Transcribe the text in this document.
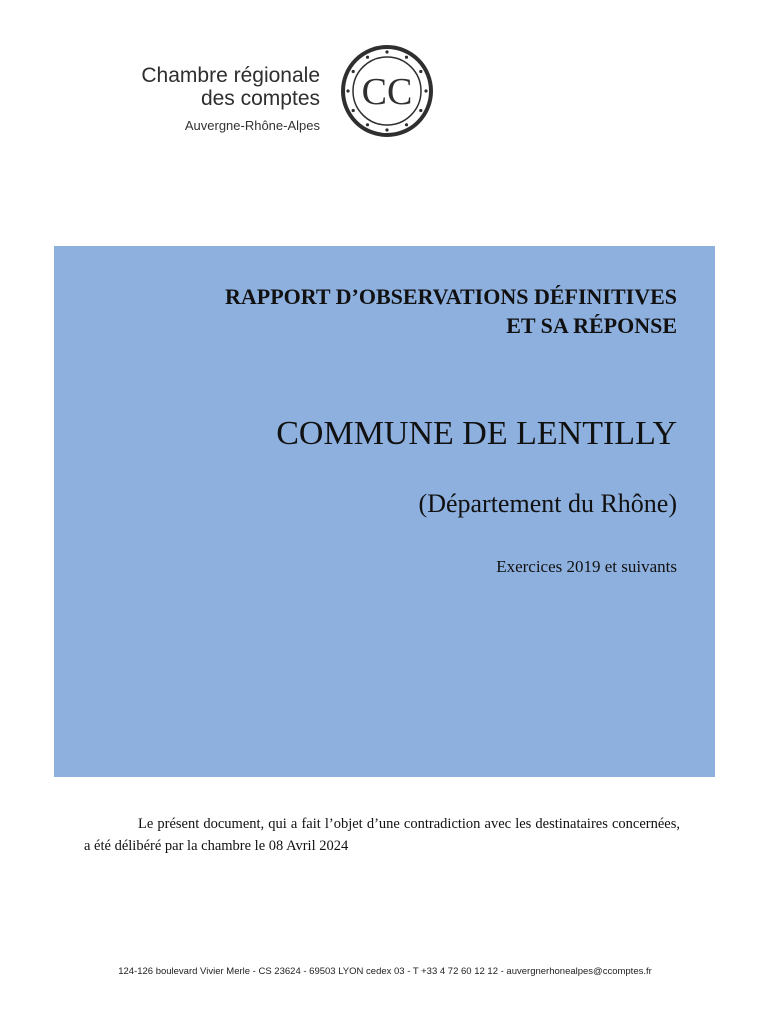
Chambre régionale
des comptes
Auvergne-Rhône-Alpes
CC
RAPPORT D’OBSERVATIONS DÉFINITIVES
ET SA RÉPONSE
COMMUNE DE LENTILLY
(Département du Rhône)
Exercices 2019 et suivants

Le présent document, qui a fait l’objet d’une contradiction avec les destinataires concernées, a été délibéré par la chambre le 08 Avril 2024

124-126 boulevard Vivier Merle - CS 23624 - 69503 LYON cedex 03 - T +33 4 72 60 12 12 - auvergnerhonealpes@ccomptes.fr
